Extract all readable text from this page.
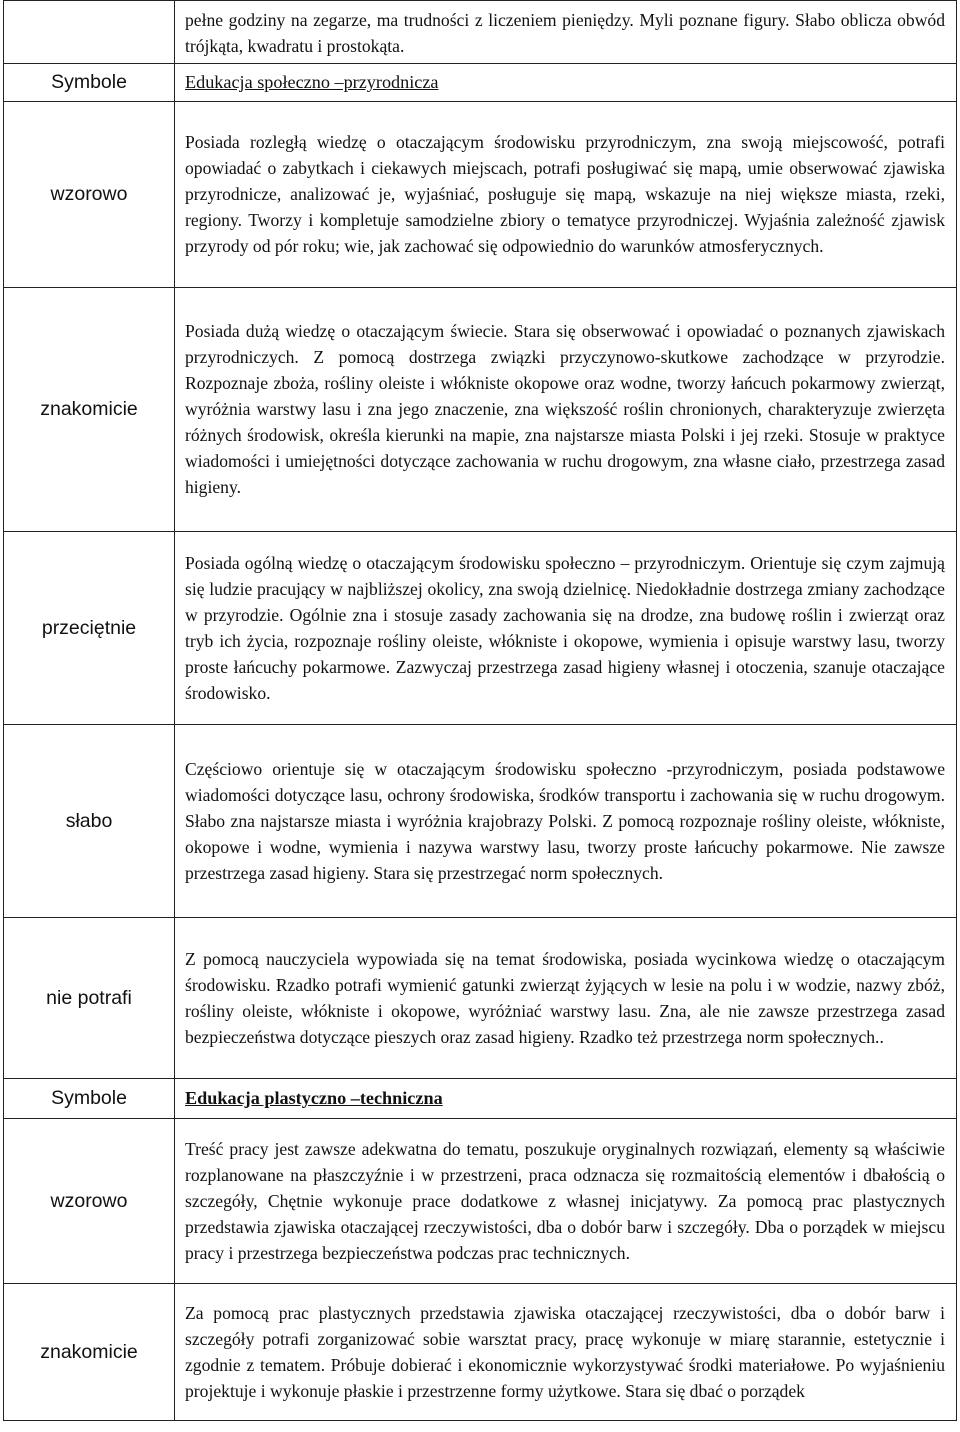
	pełne godziny na zegarze, ma trudności z liczeniem pieniędzy. Myli poznane figury. Słabo oblicza obwód trójkąta, kwadratu i prostokąta.

Symbole	Edukacja społeczno –przyrodnicza
wzorowo	Posiada rozległą wiedzę o otaczającym środowisku przyrodniczym, zna swoją miejscowość, potrafi opowiadać o zabytkach i ciekawych miejscach, potrafi posługiwać się mapą, umie obserwować zjawiska przyrodnicze, analizować je, wyjaśniać, posługuje się mapą, wskazuje na niej większe miasta, rzeki, regiony. Tworzy i kompletuje samodzielne zbiory o tematyce przyrodniczej. Wyjaśnia zależność zjawisk przyrody od pór roku; wie, jak zachować się odpowiednio do warunków atmosferycznych.

znakomicie	Posiada dużą wiedzę o otaczającym świecie. Stara się obserwować i opowiadać o poznanych zjawiskach przyrodniczych. Z pomocą dostrzega związki przyczynowo-skutkowe zachodzące w przyrodzie. Rozpoznaje zboża, rośliny oleiste i włókniste okopowe oraz wodne, tworzy łańcuch pokarmowy zwierząt, wyróżnia warstwy lasu i zna jego znaczenie, zna większość roślin chronionych, charakteryzuje zwierzęta różnych środowisk, określa kierunki na mapie, zna najstarsze miasta Polski i jej rzeki. Stosuje w praktyce wiadomości i umiejętności dotyczące zachowania w ruchu drogowym, zna własne ciało, przestrzega zasad higieny.

przeciętnie	Posiada ogólną wiedzę o otaczającym środowisku społeczno – przyrodniczym. Orientuje się czym zajmują się ludzie pracujący w najbliższej okolicy, zna swoją dzielnicę. Niedokładnie dostrzega zmiany zachodzące w przyrodzie. Ogólnie zna i stosuje zasady zachowania się na drodze, zna budowę roślin i zwierząt oraz tryb ich życia, rozpoznaje rośliny oleiste, włókniste i okopowe, wymienia i opisuje warstwy lasu, tworzy proste łańcuchy pokarmowe. Zazwyczaj przestrzega zasad higieny własnej i otoczenia, szanuje otaczające środowisko.

słabo	Częściowo orientuje się w otaczającym środowisku społeczno -przyrodniczym, posiada podstawowe wiadomości dotyczące lasu, ochrony środowiska, środków transportu i zachowania się w ruchu drogowym. Słabo zna najstarsze miasta i wyróżnia krajobrazy Polski. Z pomocą rozpoznaje rośliny oleiste, włókniste, okopowe i wodne, wymienia i nazywa warstwy lasu, tworzy proste łańcuchy pokarmowe. Nie zawsze przestrzega zasad higieny. Stara się przestrzegać norm społecznych.

nie potrafi	Z pomocą nauczyciela wypowiada się na temat środowiska, posiada wycinkowa wiedzę o otaczającym środowisku. Rzadko potrafi wymienić gatunki zwierząt żyjących w lesie na polu i w wodzie, nazwy zbóż, rośliny oleiste, włókniste i okopowe, wyróżniać warstwy lasu. Zna, ale nie zawsze przestrzega zasad bezpieczeństwa dotyczące pieszych oraz zasad higieny. Rzadko też przestrzega norm społecznych..

Symbole	Edukacja plastyczno –techniczna
wzorowo	Treść pracy jest zawsze adekwatna do tematu, poszukuje oryginalnych rozwiązań, elementy są właściwie rozplanowane na płaszczyźnie i w przestrzeni, praca odznacza się rozmaitością elementów i dbałością o szczegóły, Chętnie wykonuje prace dodatkowe z własnej inicjatywy. Za pomocą prac plastycznych przedstawia zjawiska otaczającej rzeczywistości, dba o dobór barw i szczegóły. Dba o porządek w miejscu pracy i przestrzega bezpieczeństwa podczas prac technicznych.

znakomicie	Za pomocą prac plastycznych przedstawia zjawiska otaczającej rzeczywistości, dba o dobór barw i szczegóły potrafi zorganizować sobie warsztat pracy, pracę wykonuje w miarę starannie, estetycznie i zgodnie z tematem. Próbuje dobierać i ekonomicznie wykorzystywać środki materiałowe. Po wyjaśnieniu projektuje i wykonuje płaskie i przestrzenne formy użytkowe. Stara się dbać o porządek
